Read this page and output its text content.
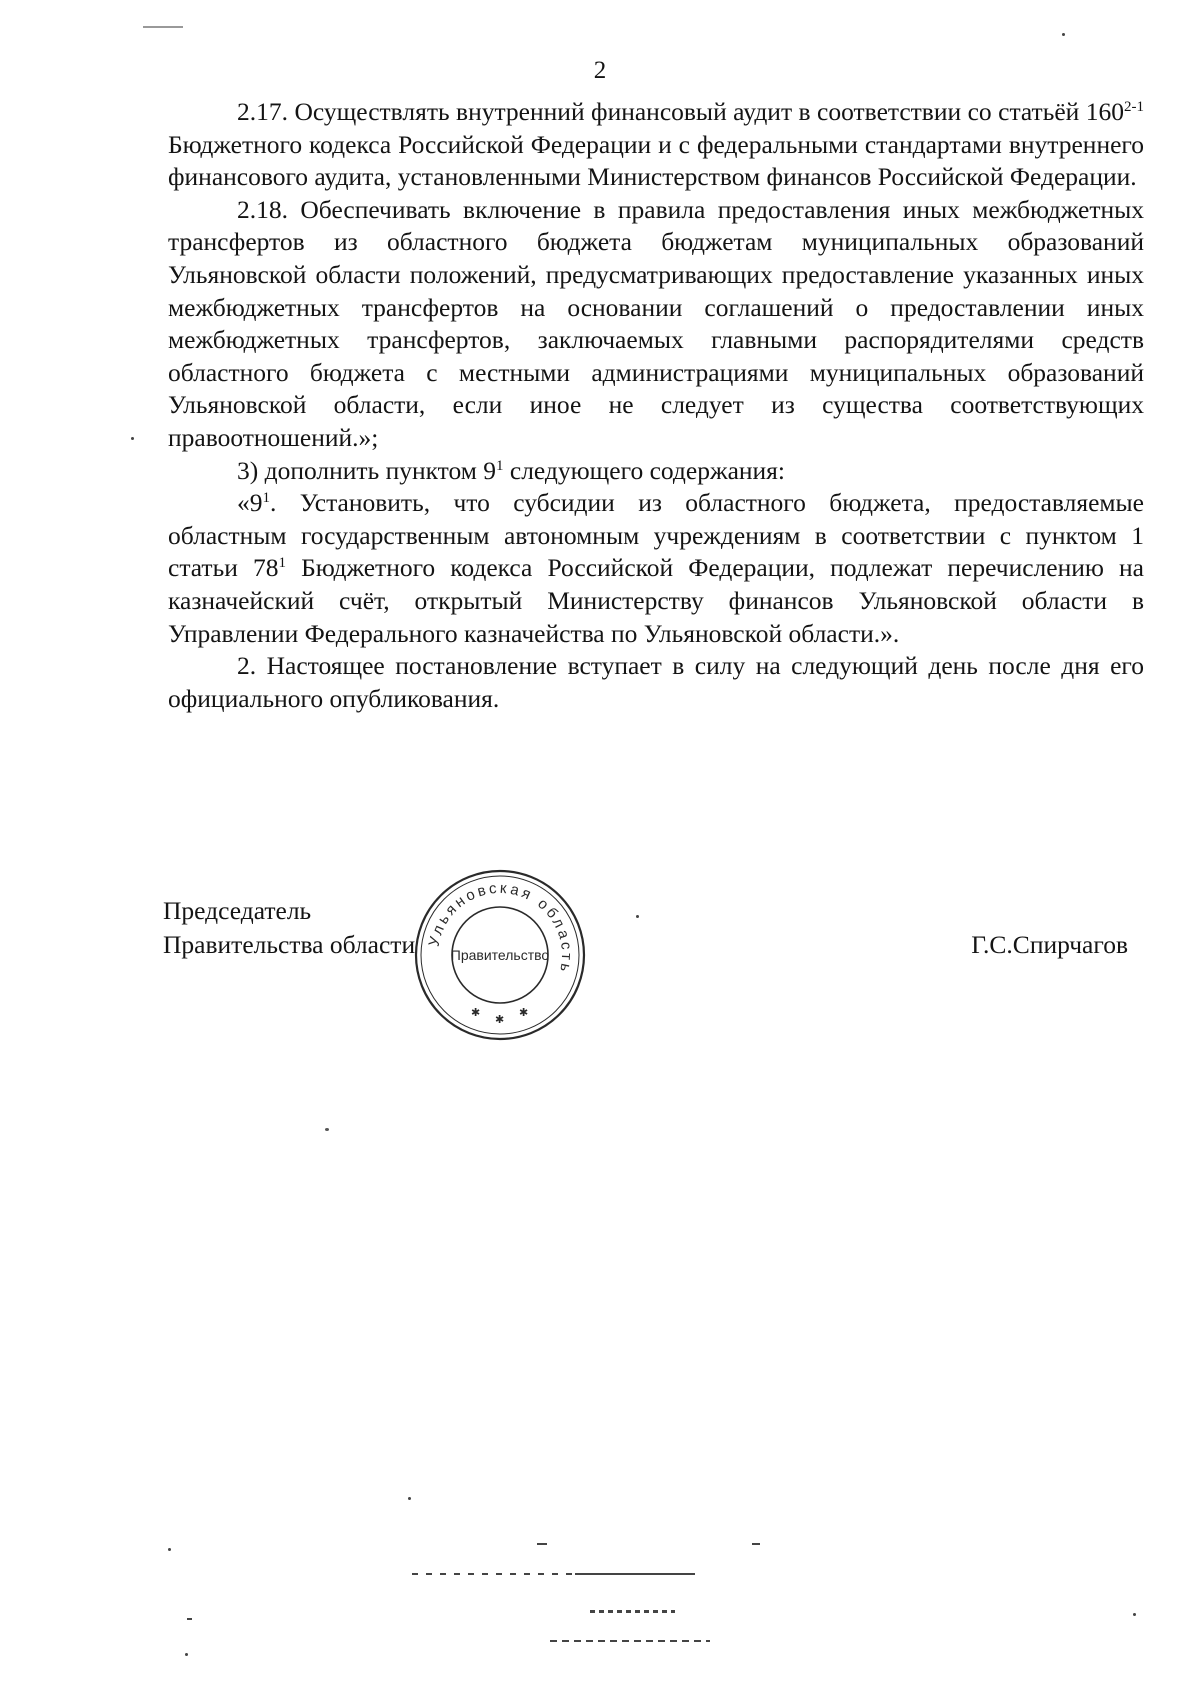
2

2.17. Осуществлять внутренний финансовый аудит в соответствии со статьёй 160$^{2-1}$ Бюджетного кодекса Российской Федерации и с федеральными стандартами внутреннего финансового аудита, установленными Министерством финансов Российской Федерации.

2.18. Обеспечивать включение в правила предоставления иных межбюджетных трансфертов из областного бюджета бюджетам муниципальных образований Ульяновской области положений, предусматривающих предоставление указанных иных межбюджетных трансфертов на основании соглашений о предоставлении иных межбюджетных трансфертов, заключаемых главными распорядителями средств областного бюджета с местными администрациями муниципальных образований Ульяновской области, если иное не следует из существа соответствующих правоотношений.»;

3) дополнить пунктом $9^1$ следующего содержания:

«$9^1$. Установить, что субсидии из областного бюджета, предоставляемые областным государственным автономным учреждениям в соответствии с пунктом 1 статьи $78^1$ Бюджетного кодекса Российской Федерации, подлежат перечислению на казначейский счёт, открытый Министерству финансов Ульяновской области в Управлении Федерального казначейства по Ульяновской области.».

2. Настоящее постановление вступает в силу на следующий день после дня его официального опубликования.

Председатель
Правительства области	Г.С.Спирчагов
Ульяновская область
Правительство
✱
✱
✱
